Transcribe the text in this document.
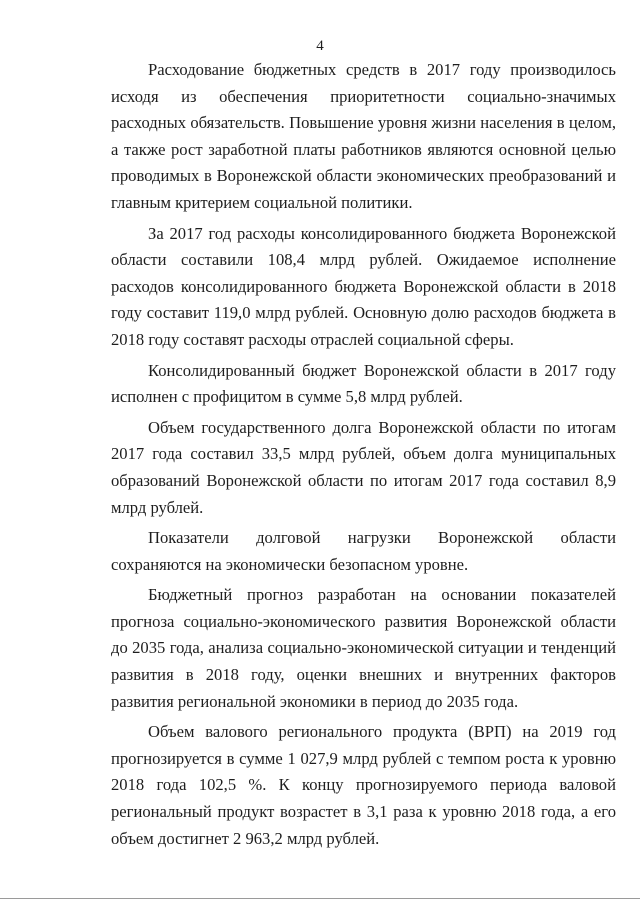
4

Расходование бюджетных средств в 2017 году производилось исходя из обеспечения приоритетности социально-значимых расходных обязательств. Повышение уровня жизни населения в целом, а также рост заработной платы работников являются основной целью проводимых в Воронежской области экономических преобразований и главным критерием социальной политики.

За 2017 год расходы консолидированного бюджета Воронежской области составили 108,4 млрд рублей. Ожидаемое исполнение расходов консолидированного бюджета Воронежской области в 2018 году составит 119,0 млрд рублей. Основную долю расходов бюджета в 2018 году составят расходы отраслей социальной сферы.

Консолидированный бюджет Воронежской области в 2017 году исполнен с профицитом в сумме 5,8 млрд рублей.

Объем государственного долга Воронежской области по итогам 2017 года составил 33,5 млрд рублей, объем долга муниципальных образований Воронежской области по итогам 2017 года составил 8,9 млрд рублей.

Показатели долговой нагрузки Воронежской области сохраняются на экономически безопасном уровне.

Бюджетный прогноз разработан на основании показателей прогноза социально-экономического развития Воронежской области до 2035 года, анализа социально-экономической ситуации и тенденций развития в 2018 году, оценки внешних и внутренних факторов развития региональной экономики в период до 2035 года.

Объем валового регионального продукта (ВРП) на 2019 год прогнозируется в сумме 1 027,9 млрд рублей с темпом роста к уровню 2018 года 102,5 %. К концу прогнозируемого периода валовой региональный продукт возрастет в 3,1 раза к уровню 2018 года, а его объем достигнет 2 963,2 млрд рублей.
